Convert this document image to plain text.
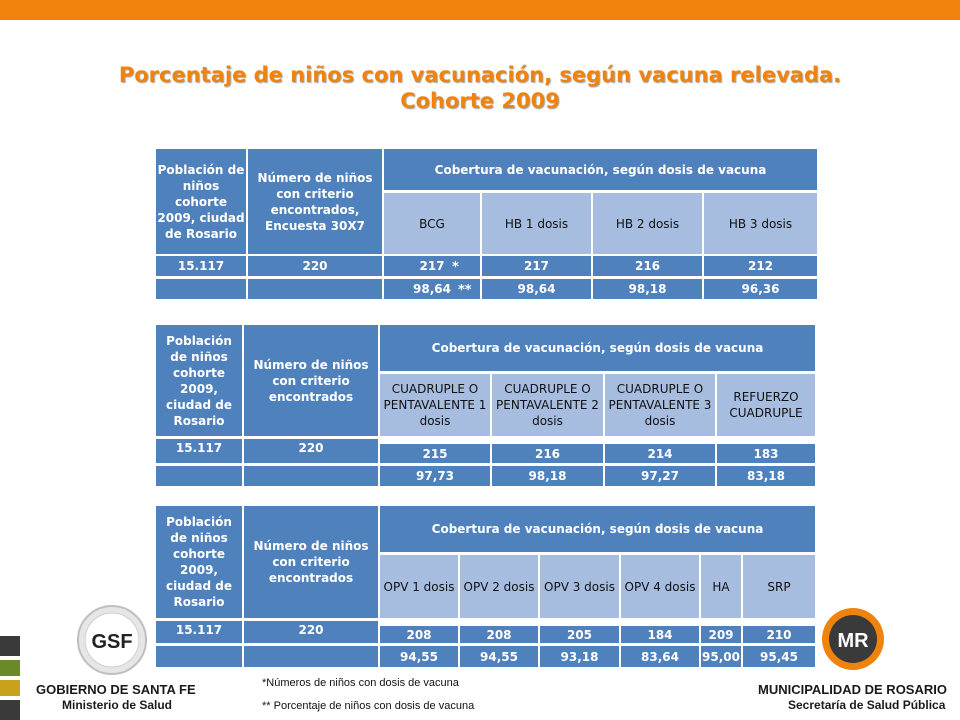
Porcentaje de niños con vacunación, según vacuna relevada.
Cohorte 2009
Población de niños cohorte 2009, ciudad de Rosario
Número de niños con criterio encontrados, Encuesta 30X7
Cobertura de vacunación, según dosis de vacuna
BCG	HB 1 dosis	HB 2 dosis	HB 3 dosis
15.117	220	217	217	216	212
*
98,64	98,64	98,18	96,36
**
Población de niños cohorte 2009, ciudad de Rosario
Número de niños con criterio encontrados
Cobertura de vacunación, según dosis de vacuna
CUADRUPLE O PENTAVALENTE 1 dosis
CUADRUPLE O PENTAVALENTE 2 dosis
CUADRUPLE O PENTAVALENTE 3 dosis
REFUERZO CUADRUPLE
15.117	220	215	216	214	183
97,73	98,18	97,27	83,18
Población de niños cohorte 2009, ciudad de Rosario
Número de niños con criterio encontrados
Cobertura de vacunación, según dosis de vacuna
OPV 1 dosis OPV 2 dosis OPV 3 dosis OPV 4 dosis	HA	SRP
15.117	220	208	208	205	184	209	210
94,55	94,55	93,18	83,64	95,00	95,45
*Números de niños con dosis de vacuna
** Porcentaje de niños con dosis de vacuna
GSF
GOBIERNO DE SANTA FE
Ministerio de Salud
MR
MUNICIPALIDAD DE ROSARIO
Secretaría de Salud Pública
